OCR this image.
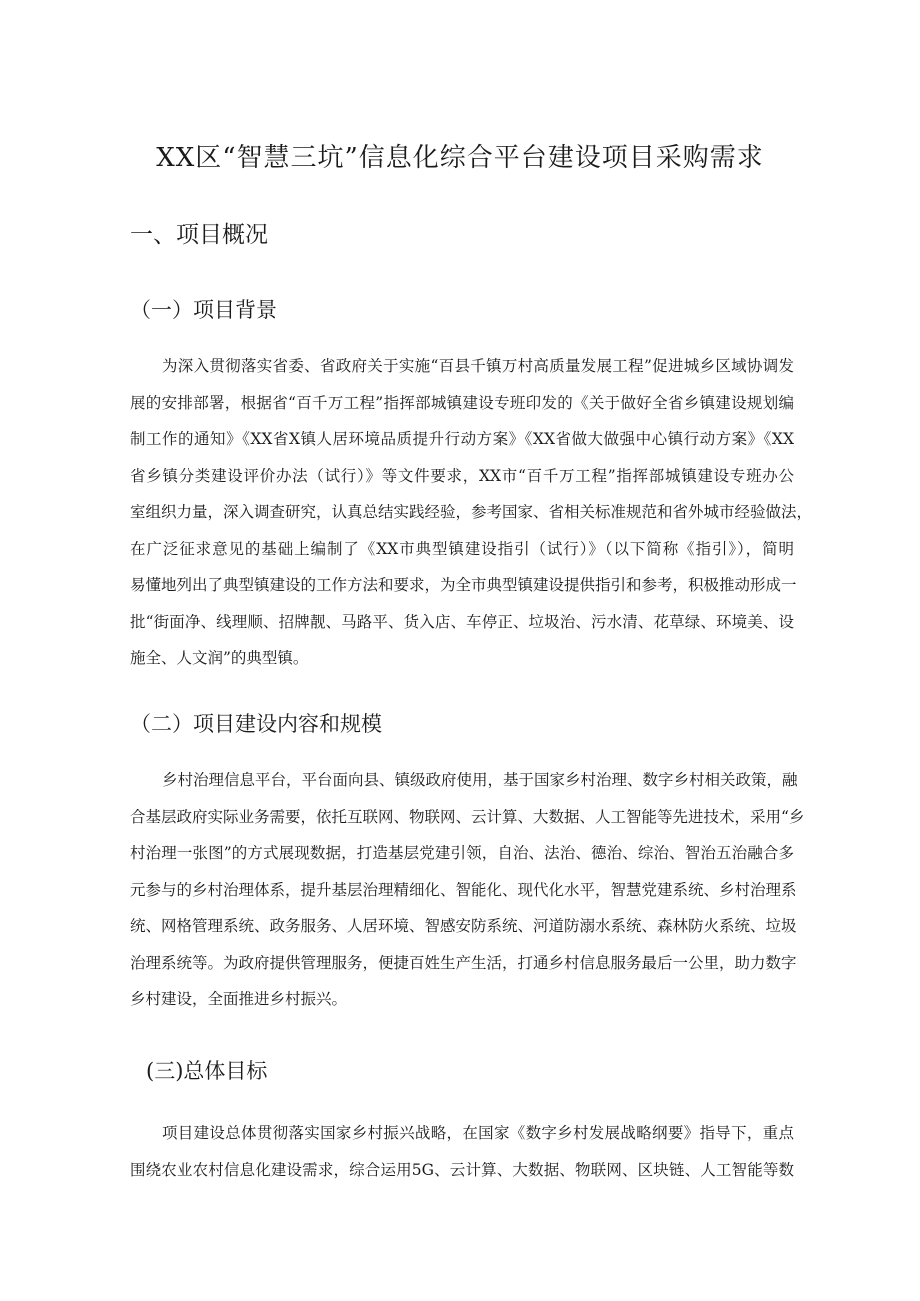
XX区“智慧三坑”信息化综合平台建设项目采购需求
一、项目概况
（一）项目背景

为深入贯彻落实省委、省政府关于实施“百县千镇万村高质量发展工程”促进城乡区域协调发
展的安排部署，根据省“百千万工程”指挥部城镇建设专班印发的《关于做好全省乡镇建设规划编
制工作的通知》《XX省X镇人居环境品质提升行动方案》《XX省做大做强中心镇行动方案》《XX
省乡镇分类建设评价办法（试行）》等文件要求，XX市“百千万工程”指挥部城镇建设专班办公
室组织力量，深入调查研究，认真总结实践经验，参考国家、省相关标准规范和省外城市经验做法，
在广泛征求意见的基础上编制了《XX市典型镇建设指引（试行）》（以下简称《指引》），简明
易懂地列出了典型镇建设的工作方法和要求，为全市典型镇建设提供指引和参考，积极推动形成一
批“街面净、线理顺、招牌靓、马路平、货入店、车停正、垃圾治、污水清、花草绿、环境美、设
施全、人文润”的典型镇。

（二）项目建设内容和规模

乡村治理信息平台，平台面向县、镇级政府使用，基于国家乡村治理、数字乡村相关政策，融
合基层政府实际业务需要，依托互联网、物联网、云计算、大数据、人工智能等先进技术，采用“乡
村治理一张图”的方式展现数据，打造基层党建引领，自治、法治、德治、综治、智治五治融合多
元参与的乡村治理体系，提升基层治理精细化、智能化、现代化水平，智慧党建系统、乡村治理系
统、网格管理系统、政务服务、人居环境、智感安防系统、河道防溺水系统、森林防火系统、垃圾
治理系统等。为政府提供管理服务，便捷百姓生产生活，打通乡村信息服务最后一公里，助力数字
乡村建设，全面推进乡村振兴。

(三)总体目标

项目建设总体贯彻落实国家乡村振兴战略，在国家《数字乡村发展战略纲要》指导下，重点
围绕农业农村信息化建设需求，综合运用5G、云计算、大数据、物联网、区块链、人工智能等数
